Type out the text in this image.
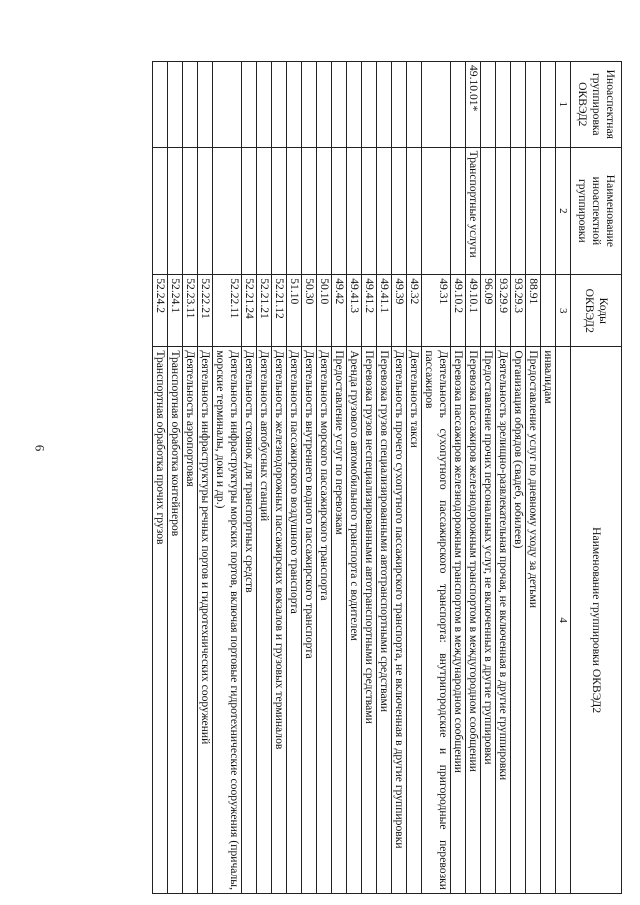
6
Иноаспектная группировка ОКВЭД2	Наименование иноаспектной группировки	Коды ОКВЭД2	Наименование группировки ОКВЭД2
1	2	3	4
			инвалидам
		88.91	Предоставление услуг по дневному уходу за детьми
		93.29.3	Организация обрядов (свадеб, юбилеев)
		93.29.9	Деятельность зрелищно-развлекательная прочая, не включенная в другие группировки
		96.09	Предоставление прочих персональных услуг, не включенных в другие группировки
49.10.01*	Транспортные услуги	49.10.1	Перевозка пассажиров железнодорожным транспортом в междугородном сообщении
		49.10.2	Перевозка пассажиров железнодорожным транспортом в международном сообщении
		49.31	Деятельность сухопутного пассажирского транспорта: внутригородские и пригородные перевозки пассажиров
		49.32	Деятельность такси
		49.39	Деятельность прочего сухопутного пассажирского транспорта, не включенная в другие группировки
		49.41.1	Перевозка грузов специализированными автотранспортными средствами
		49.41.2	Перевозка грузов неспециализированными автотранспортными средствами
		49.41.3	Аренда грузового автомобильного транспорта с водителем
		49.42	Предоставление услуг по перевозкам
		50.10	Деятельность морского пассажирского транспорта
		50.30	Деятельность внутреннего водного пассажирского транспорта
		51.10	Деятельность пассажирского воздушного транспорта
		52.21.12	Деятельность железнодорожных пассажирских вокзалов и грузовых терминалов
		52.21.21	Деятельность автобусных станций
		52.21.24	Деятельность стоянок для транспортных средств
		52.22.11	Деятельность инфраструктуры морских портов, включая портовые гидротехнические сооружения (причалы, морские терминалы, доки и др.)
		52.22.21	Деятельность инфраструктуры речных портов и гидротехнических сооружений
		52.23.11	Деятельность аэропортовая
		52.24.1	Транспортная обработка контейнеров
		52.24.2	Транспортная обработка прочих грузов
